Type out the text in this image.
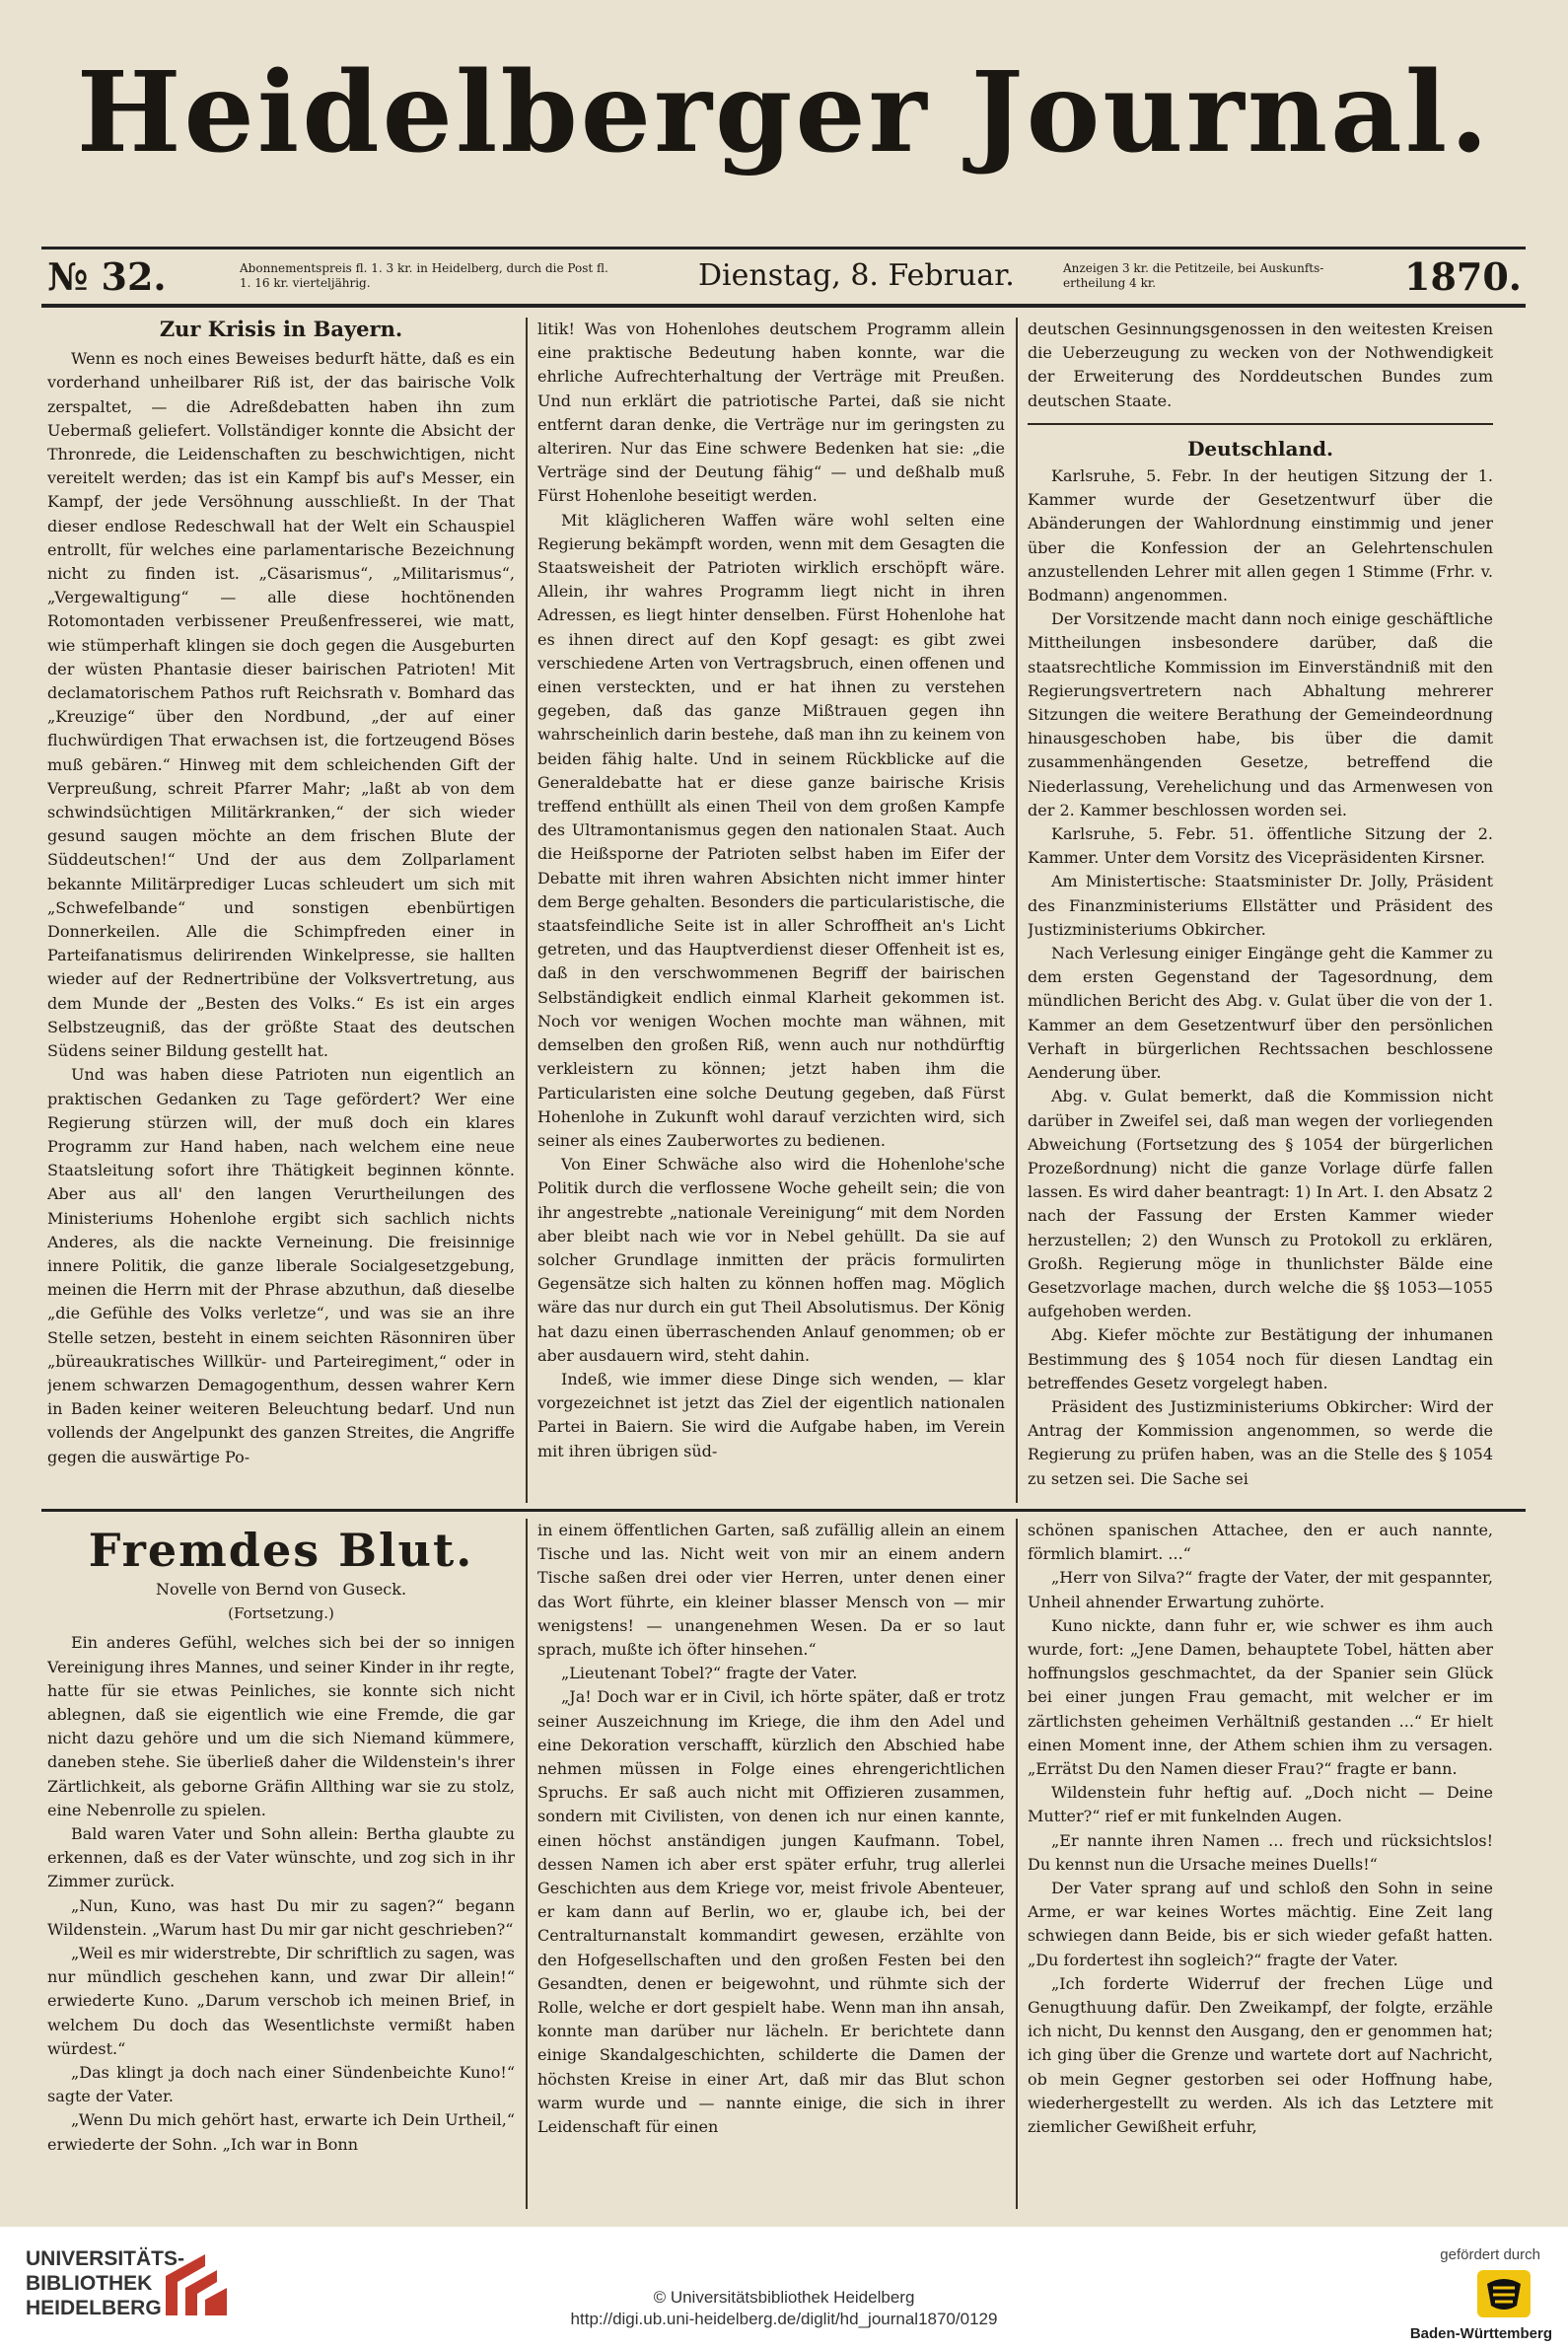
Heidelberger Journal.
№ 32.	Abonnementspreis fl. 1. 3 kr. in Heidelberg, durch die Post fl. 1. 16 kr. vierteljährig.	Dienstag, 8. Februar.	Anzeigen 3 kr. die Petitzeile, bei Auskunfts-ertheilung 4 kr.	1870.
Zur Krisis in Bayern.

Wenn es noch eines Beweises bedurft hätte, daß es ein vorderhand unheilbarer Riß ist, der das bairische Volk zerspaltet, — die Adreßdebatten haben ihn zum Uebermaß geliefert. Vollständiger konnte die Absicht der Thronrede, die Leidenschaften zu beschwichtigen, nicht vereitelt werden; das ist ein Kampf bis auf's Messer, ein Kampf, der jede Versöhnung ausschließt. In der That dieser endlose Redeschwall hat der Welt ein Schauspiel entrollt, für welches eine parlamentarische Bezeichnung nicht zu finden ist. „Cäsarismus“, „Militarismus“, „Vergewaltigung“ — alle diese hochtönenden Rotomontaden verbissener Preußenfresserei, wie matt, wie stümperhaft klingen sie doch gegen die Ausgeburten der wüsten Phantasie dieser bairischen Patrioten! Mit declamatorischem Pathos ruft Reichsrath v. Bomhard das „Kreuzige“ über den Nordbund, „der auf einer fluchwürdigen That erwachsen ist, die fortzeugend Böses muß gebären.“ Hinweg mit dem schleichenden Gift der Verpreußung, schreit Pfarrer Mahr; „laßt ab von dem schwindsüchtigen Militärkranken,“ der sich wieder gesund saugen möchte an dem frischen Blute der Süddeutschen!“ Und der aus dem Zollparlament bekannte Militärprediger Lucas schleudert um sich mit „Schwefelbande“ und sonstigen ebenbürtigen Donnerkeilen. Alle die Schimpfreden einer in Parteifanatismus delirirenden Winkelpresse, sie hallten wieder auf der Rednertribüne der Volksvertretung, aus dem Munde der „Besten des Volks.“ Es ist ein arges Selbstzeugniß, das der größte Staat des deutschen Südens seiner Bildung gestellt hat.

Und was haben diese Patrioten nun eigentlich an praktischen Gedanken zu Tage gefördert? Wer eine Regierung stürzen will, der muß doch ein klares Programm zur Hand haben, nach welchem eine neue Staatsleitung sofort ihre Thätigkeit beginnen könnte. Aber aus all' den langen Verurtheilungen des Ministeriums Hohenlohe ergibt sich sachlich nichts Anderes, als die nackte Verneinung. Die freisinnige innere Politik, die ganze liberale Socialgesetzgebung, meinen die Herrn mit der Phrase abzuthun, daß dieselbe „die Gefühle des Volks verletze“, und was sie an ihre Stelle setzen, besteht in einem seichten Räsonniren über „büreaukratisches Willkür- und Parteiregiment,“ oder in jenem schwarzen Demagogenthum, dessen wahrer Kern in Baden keiner weiteren Beleuchtung bedarf. Und nun vollends der Angelpunkt des ganzen Streites, die Angriffe gegen die auswärtige Po-

litik! Was von Hohenlohes deutschem Programm allein eine praktische Bedeutung haben konnte, war die ehrliche Aufrechterhaltung der Verträge mit Preußen. Und nun erklärt die patriotische Partei, daß sie nicht entfernt daran denke, die Verträge nur im geringsten zu alteriren. Nur das Eine schwere Bedenken hat sie: „die Verträge sind der Deutung fähig“ — und deßhalb muß Fürst Hohenlohe beseitigt werden.

Mit kläglicheren Waffen wäre wohl selten eine Regierung bekämpft worden, wenn mit dem Gesagten die Staatsweisheit der Patrioten wirklich erschöpft wäre. Allein, ihr wahres Programm liegt nicht in ihren Adressen, es liegt hinter denselben. Fürst Hohenlohe hat es ihnen direct auf den Kopf gesagt: es gibt zwei verschiedene Arten von Vertragsbruch, einen offenen und einen versteckten, und er hat ihnen zu verstehen gegeben, daß das ganze Mißtrauen gegen ihn wahrscheinlich darin bestehe, daß man ihn zu keinem von beiden fähig halte. Und in seinem Rückblicke auf die Generaldebatte hat er diese ganze bairische Krisis treffend enthüllt als einen Theil von dem großen Kampfe des Ultramontanismus gegen den nationalen Staat. Auch die Heißsporne der Patrioten selbst haben im Eifer der Debatte mit ihren wahren Absichten nicht immer hinter dem Berge gehalten. Besonders die particularistische, die staatsfeindliche Seite ist in aller Schroffheit an's Licht getreten, und das Hauptverdienst dieser Offenheit ist es, daß in den verschwommenen Begriff der bairischen Selbständigkeit endlich einmal Klarheit gekommen ist. Noch vor wenigen Wochen mochte man wähnen, mit demselben den großen Riß, wenn auch nur nothdürftig verkleistern zu können; jetzt haben ihm die Particularisten eine solche Deutung gegeben, daß Fürst Hohenlohe in Zukunft wohl darauf verzichten wird, sich seiner als eines Zauberwortes zu bedienen.

Von Einer Schwäche also wird die Hohenlohe'sche Politik durch die verflossene Woche geheilt sein; die von ihr angestrebte „nationale Vereinigung“ mit dem Norden aber bleibt nach wie vor in Nebel gehüllt. Da sie auf solcher Grundlage inmitten der präcis formulirten Gegensätze sich halten zu können hoffen mag. Möglich wäre das nur durch ein gut Theil Absolutismus. Der König hat dazu einen überraschenden Anlauf genommen; ob er aber ausdauern wird, steht dahin.

Indeß, wie immer diese Dinge sich wenden, — klar vorgezeichnet ist jetzt das Ziel der eigentlich nationalen Partei in Baiern. Sie wird die Aufgabe haben, im Verein mit ihren übrigen süd-

deutschen Gesinnungsgenossen in den weitesten Kreisen die Ueberzeugung zu wecken von der Nothwendigkeit der Erweiterung des Norddeutschen Bundes zum deutschen Staate.

Deutschland.

Karlsruhe, 5. Febr. In der heutigen Sitzung der 1. Kammer wurde der Gesetzentwurf über die Abänderungen der Wahlordnung einstimmig und jener über die Konfession der an Gelehrtenschulen anzustellenden Lehrer mit allen gegen 1 Stimme (Frhr. v. Bodmann) angenommen.

Der Vorsitzende macht dann noch einige geschäftliche Mittheilungen insbesondere darüber, daß die staatsrechtliche Kommission im Einverständniß mit den Regierungsvertretern nach Abhaltung mehrerer Sitzungen die weitere Berathung der Gemeindeordnung hinausgeschoben habe, bis über die damit zusammenhängenden Gesetze, betreffend die Niederlassung, Verehelichung und das Armenwesen von der 2. Kammer beschlossen worden sei.

Karlsruhe, 5. Febr. 51. öffentliche Sitzung der 2. Kammer. Unter dem Vorsitz des Vicepräsidenten Kirsner.

Am Ministertische: Staatsminister Dr. Jolly, Präsident des Finanzministeriums Ellstätter und Präsident des Justizministeriums Obkircher.

Nach Verlesung einiger Eingänge geht die Kammer zu dem ersten Gegenstand der Tagesordnung, dem mündlichen Bericht des Abg. v. Gulat über die von der 1. Kammer an dem Gesetzentwurf über den persönlichen Verhaft in bürgerlichen Rechtssachen beschlossene Aenderung über.

Abg. v. Gulat bemerkt, daß die Kommission nicht darüber in Zweifel sei, daß man wegen der vorliegenden Abweichung (Fortsetzung des § 1054 der bürgerlichen Prozeßordnung) nicht die ganze Vorlage dürfe fallen lassen. Es wird daher beantragt: 1) In Art. I. den Absatz 2 nach der Fassung der Ersten Kammer wieder herzustellen; 2) den Wunsch zu Protokoll zu erklären, Großh. Regierung möge in thunlichster Bälde eine Gesetzvorlage machen, durch welche die §§ 1053—1055 aufgehoben werden.

Abg. Kiefer möchte zur Bestätigung der inhumanen Bestimmung des § 1054 noch für diesen Landtag ein betreffendes Gesetz vorgelegt haben.

Präsident des Justizministeriums Obkircher: Wird der Antrag der Kommission angenommen, so werde die Regierung zu prüfen haben, was an die Stelle des § 1054 zu setzen sei. Die Sache sei

Fremdes Blut.
Novelle von Bernd von Guseck.
(Fortsetzung.)

Ein anderes Gefühl, welches sich bei der so innigen Vereinigung ihres Mannes, und seiner Kinder in ihr regte, hatte für sie etwas Peinliches, sie konnte sich nicht ablegnen, daß sie eigentlich wie eine Fremde, die gar nicht dazu gehöre und um die sich Niemand kümmere, daneben stehe. Sie überließ daher die Wildenstein's ihrer Zärtlichkeit, als geborne Gräfin Allthing war sie zu stolz, eine Nebenrolle zu spielen.

Bald waren Vater und Sohn allein: Bertha glaubte zu erkennen, daß es der Vater wünschte, und zog sich in ihr Zimmer zurück.

„Nun, Kuno, was hast Du mir zu sagen?“ begann Wildenstein. „Warum hast Du mir gar nicht geschrieben?“

„Weil es mir widerstrebte, Dir schriftlich zu sagen, was nur mündlich geschehen kann, und zwar Dir allein!“ erwiederte Kuno. „Darum verschob ich meinen Brief, in welchem Du doch das Wesentlichste vermißt haben würdest.“

„Das klingt ja doch nach einer Sündenbeichte Kuno!“ sagte der Vater.

„Wenn Du mich gehört hast, erwarte ich Dein Urtheil,“ erwiederte der Sohn. „Ich war in Bonn

in einem öffentlichen Garten, saß zufällig allein an einem Tische und las. Nicht weit von mir an einem andern Tische saßen drei oder vier Herren, unter denen einer das Wort führte, ein kleiner blasser Mensch von — mir wenigstens! — unangenehmen Wesen. Da er so laut sprach, mußte ich öfter hinsehen.“

„Lieutenant Tobel?“ fragte der Vater.

„Ja! Doch war er in Civil, ich hörte später, daß er trotz seiner Auszeichnung im Kriege, die ihm den Adel und eine Dekoration verschafft, kürzlich den Abschied habe nehmen müssen in Folge eines ehrengerichtlichen Spruchs. Er saß auch nicht mit Offizieren zusammen, sondern mit Civilisten, von denen ich nur einen kannte, einen höchst anständigen jungen Kaufmann. Tobel, dessen Namen ich aber erst später erfuhr, trug allerlei Geschichten aus dem Kriege vor, meist frivole Abenteuer, er kam dann auf Berlin, wo er, glaube ich, bei der Centralturnanstalt kommandirt gewesen, erzählte von den Hofgesellschaften und den großen Festen bei den Gesandten, denen er beigewohnt, und rühmte sich der Rolle, welche er dort gespielt habe. Wenn man ihn ansah, konnte man darüber nur lächeln. Er berichtete dann einige Skandalgeschichten, schilderte die Damen der höchsten Kreise in einer Art, daß mir das Blut schon warm wurde und — nannte einige, die sich in ihrer Leidenschaft für einen

schönen spanischen Attachee, den er auch nannte, förmlich blamirt. ...“

„Herr von Silva?“ fragte der Vater, der mit gespannter, Unheil ahnender Erwartung zuhörte.

Kuno nickte, dann fuhr er, wie schwer es ihm auch wurde, fort: „Jene Damen, behauptete Tobel, hätten aber hoffnungslos geschmachtet, da der Spanier sein Glück bei einer jungen Frau gemacht, mit welcher er im zärtlichsten geheimen Verhältniß gestanden ...“ Er hielt einen Moment inne, der Athem schien ihm zu versagen. „Errätst Du den Namen dieser Frau?“ fragte er bann.

Wildenstein fuhr heftig auf. „Doch nicht — Deine Mutter?“ rief er mit funkelnden Augen.

„Er nannte ihren Namen ... frech und rücksichtslos! Du kennst nun die Ursache meines Duells!“

Der Vater sprang auf und schloß den Sohn in seine Arme, er war keines Wortes mächtig. Eine Zeit lang schwiegen dann Beide, bis er sich wieder gefaßt hatten. „Du fordertest ihn sogleich?“ fragte der Vater.

„Ich forderte Widerruf der frechen Lüge und Genugthuung dafür. Den Zweikampf, der folgte, erzähle ich nicht, Du kennst den Ausgang, den er genommen hat; ich ging über die Grenze und wartete dort auf Nachricht, ob mein Gegner gestorben sei oder Hoffnung habe, wiederhergestellt zu werden. Als ich das Letztere mit ziemlicher Gewißheit erfuhr,

UNIVERSITÄTS-
BIBLIOTHEK
HEIDELBERG	© Universitätsbibliothek Heidelberg
http://digi.ub.uni-heidelberg.de/diglit/hd_journal1870/0129
gefördert durch
Baden-Württemberg
